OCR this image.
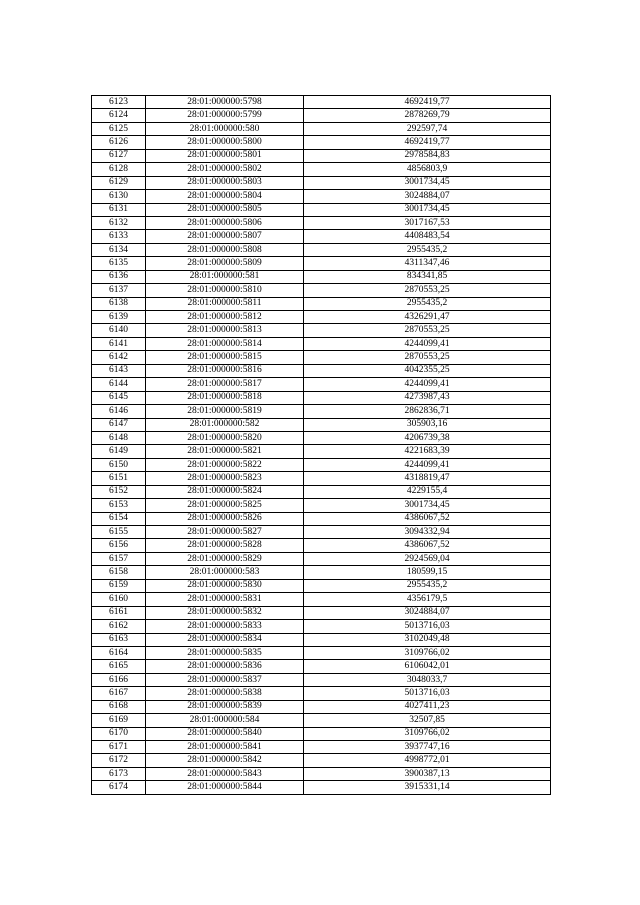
6123	28:01:000000:5798	4692419,77
6124	28:01:000000:5799	2878269,79
6125	28:01:000000:580	292597,74
6126	28:01:000000:5800	4692419,77
6127	28:01:000000:5801	2978584,83
6128	28:01:000000:5802	4856803,9
6129	28:01:000000:5803	3001734,45
6130	28:01:000000:5804	3024884,07
6131	28:01:000000:5805	3001734,45
6132	28:01:000000:5806	3017167,53
6133	28:01:000000:5807	4408483,54
6134	28:01:000000:5808	2955435,2
6135	28:01:000000:5809	4311347,46
6136	28:01:000000:581	834341,85
6137	28:01:000000:5810	2870553,25
6138	28:01:000000:5811	2955435,2
6139	28:01:000000:5812	4326291,47
6140	28:01:000000:5813	2870553,25
6141	28:01:000000:5814	4244099,41
6142	28:01:000000:5815	2870553,25
6143	28:01:000000:5816	4042355,25
6144	28:01:000000:5817	4244099,41
6145	28:01:000000:5818	4273987,43
6146	28:01:000000:5819	2862836,71
6147	28:01:000000:582	305903,16
6148	28:01:000000:5820	4206739,38
6149	28:01:000000:5821	4221683,39
6150	28:01:000000:5822	4244099,41
6151	28:01:000000:5823	4318819,47
6152	28:01:000000:5824	4229155,4
6153	28:01:000000:5825	3001734,45
6154	28:01:000000:5826	4386067,52
6155	28:01:000000:5827	3094332,94
6156	28:01:000000:5828	4386067,52
6157	28:01:000000:5829	2924569,04
6158	28:01:000000:583	180599,15
6159	28:01:000000:5830	2955435,2
6160	28:01:000000:5831	4356179,5
6161	28:01:000000:5832	3024884,07
6162	28:01:000000:5833	5013716,03
6163	28:01:000000:5834	3102049,48
6164	28:01:000000:5835	3109766,02
6165	28:01:000000:5836	6106042,01
6166	28:01:000000:5837	3048033,7
6167	28:01:000000:5838	5013716,03
6168	28:01:000000:5839	4027411,23
6169	28:01:000000:584	32507,85
6170	28:01:000000:5840	3109766,02
6171	28:01:000000:5841	3937747,16
6172	28:01:000000:5842	4998772,01
6173	28:01:000000:5843	3900387,13
6174	28:01:000000:5844	3915331,14
